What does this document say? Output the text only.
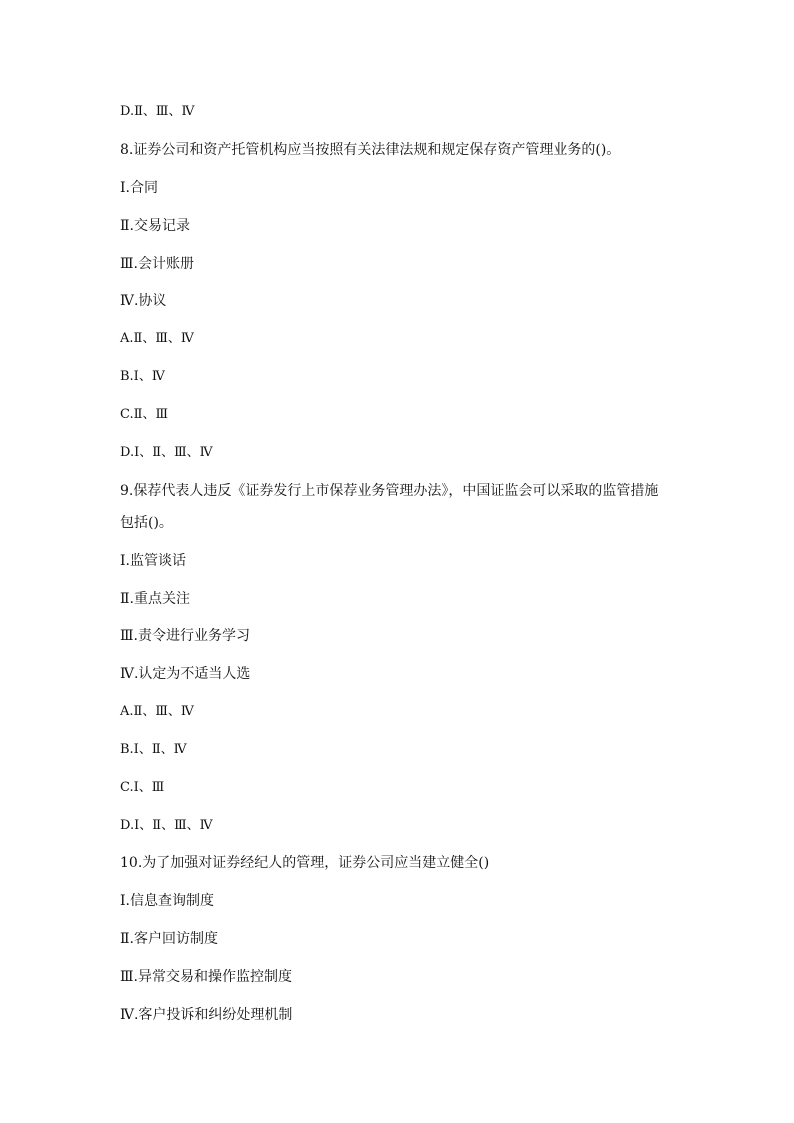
D.Ⅱ、Ⅲ、Ⅳ
8.证券公司和资产托管机构应当按照有关法律法规和规定保存资产管理业务的()。
Ⅰ.合同
Ⅱ.交易记录
Ⅲ.会计账册
Ⅳ.协议
A.Ⅱ、Ⅲ、Ⅳ
B.Ⅰ、Ⅳ
C.Ⅱ、Ⅲ
D.Ⅰ、Ⅱ、Ⅲ、Ⅳ
9.保荐代表人违反《证券发行上市保荐业务管理办法》，中国证监会可以采取的监管措施
包括()。
Ⅰ.监管谈话
Ⅱ.重点关注
Ⅲ.责令进行业务学习
Ⅳ.认定为不适当人选
A.Ⅱ、Ⅲ、Ⅳ
B.Ⅰ、Ⅱ、Ⅳ
C.Ⅰ、Ⅲ
D.Ⅰ、Ⅱ、Ⅲ、Ⅳ
10.为了加强对证券经纪人的管理，证券公司应当建立健全()
Ⅰ.信息查询制度
Ⅱ.客户回访制度
Ⅲ.异常交易和操作监控制度
Ⅳ.客户投诉和纠纷处理机制
